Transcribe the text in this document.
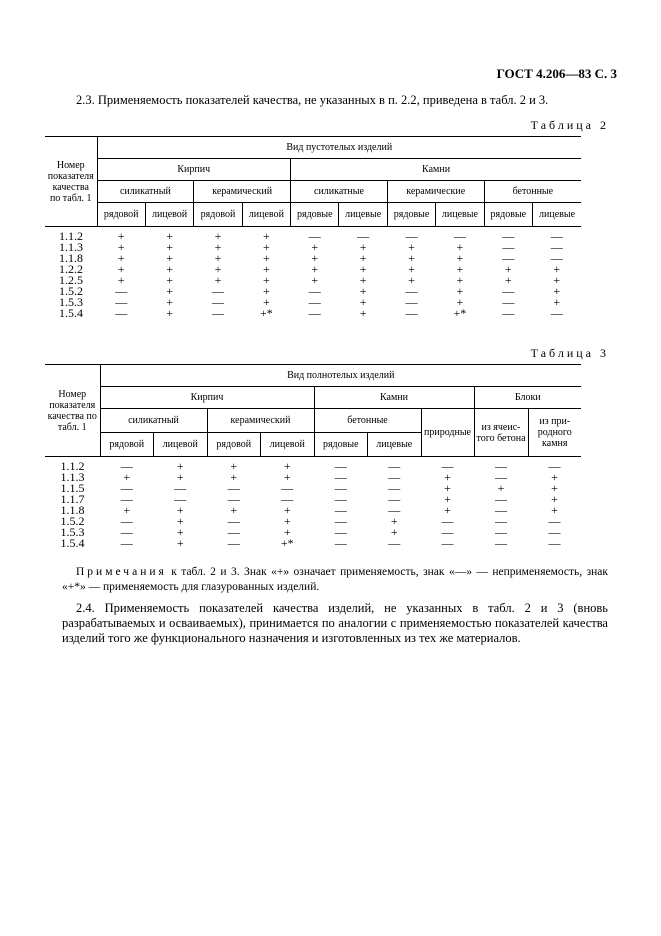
ГОСТ 4.206—83 С. 3
2.3. Применяемость показателей качества, не указанных в п. 2.2, приведена в табл. 2 и 3.
Таблица 2
Номер показателя качества по табл. 1	Вид пустотелых изделий									
	Кирпич				Камни					
	силикатный		керамический		силикатные		керамические		бетонные	
	рядовой	лицевой	рядовой	лицевой	рядовые	лицевые	рядовые	лицевые	рядовые	лицевые
1.1.2	+	+	+	+	—	—	—	—	—	—
1.1.3	+	+	+	+	+	+	+	+	—	—
1.1.8	+	+	+	+	+	+	+	+	—	—
1.2.2	+	+	+	+	+	+	+	+	+	+
1.2.5	+	+	+	+	+	+	+	+	+	+
1.5.2	—	+	—	+	—	+	—	+	—	+
1.5.3	—	+	—	+	—	+	—	+	—	+
1.5.4	—	+	—	+*	—	+	—	+*	—	—
Таблица 3
Номер показателя качества по табл. 1	Вид полнотелых изделий								
	Кирпич				Камни			Блоки	
	силикатный		керамический		бетонные		природные	из ячеис-того бетона	из при-родного камня
	рядовой	лицевой	рядовой	лицевой	рядовые	лицевые			
1.1.2	—	+	+	+	—	—	—	—	—
1.1.3	+	+	+	+	—	—	+	—	+
1.1.5	—	—	—	—	—	—	+	+	+
1.1.7	—	—	—	—	—	—	+	—	+
1.1.8	+	+	+	+	—	—	+	—	+
1.5.2	—	+	—	+	—	+	—	—	—
1.5.3	—	+	—	+	—	+	—	—	—
1.5.4	—	+	—	+*	—	—	—	—	—
Примечания к табл. 2 и 3. Знак «+» означает применяемость, знак «—» — неприменяемость, знак «+*» — применяемость для глазурованных изделий.
2.4. Применяемость показателей качества изделий, не указанных в табл. 2 и 3 (вновь разрабатываемых и осваиваемых), принимается по аналогии с применяемостью показателей качества изделий того же функционального назначения и изготовленных из тех же материалов.
